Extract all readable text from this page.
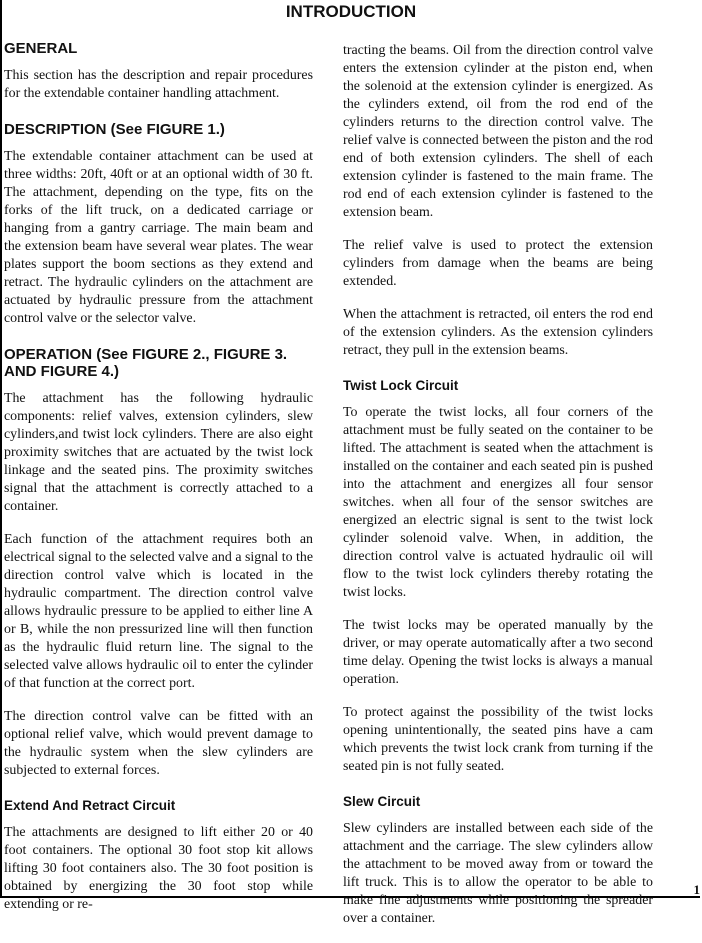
INTRODUCTION
GENERAL

This section has the description and repair procedures for the extendable container handling attachment.

DESCRIPTION (See FIGURE 1.)

The extendable container attachment can be used at three widths: 20ft, 40ft or at an optional width of 30 ft. The attachment, depending on the type, fits on the forks of the lift truck, on a dedicated carriage or hanging from a gantry carriage. The main beam and the extension beam have several wear plates. The wear plates support the boom sections as they extend and retract. The hydraulic cylinders on the attachment are actuated by hydraulic pressure from the attachment control valve or the selector valve.

OPERATION (See FIGURE 2., FIGURE 3. AND FIGURE 4.)

The attachment has the following hydraulic components: relief valves, extension cylinders, slew cylinders,and twist lock cylinders. There are also eight proximity switches that are actuated by the twist lock linkage and the seated pins. The proximity switches signal that the attachment is correctly attached to a container.

Each function of the attachment requires both an electrical signal to the selected valve and a signal to the direction control valve which is located in the hydraulic compartment. The direction control valve allows hydraulic pressure to be applied to either line A or B, while the non pressurized line will then function as the hydraulic fluid return line. The signal to the selected valve allows hydraulic oil to enter the cylinder of that function at the correct port.

The direction control valve can be fitted with an optional relief valve, which would prevent damage to the hydraulic system when the slew cylinders are subjected to external forces.

Extend And Retract Circuit

The attachments are designed to lift either 20 or 40 foot containers. The optional 30 foot stop kit allows lifting 30 foot containers also. The 30 foot position is obtained by energizing the 30 foot stop while extending or re-

tracting the beams. Oil from the direction control valve enters the extension cylinder at the piston end, when the solenoid at the extension cylinder is energized. As the cylinders extend, oil from the rod end of the cylinders returns to the direction control valve. The relief valve is connected between the piston and the rod end of both extension cylinders. The shell of each extension cylinder is fastened to the main frame. The rod end of each extension cylinder is fastened to the extension beam.

The relief valve is used to protect the extension cylinders from damage when the beams are being extended.

When the attachment is retracted, oil enters the rod end of the extension cylinders. As the extension cylinders retract, they pull in the extension beams.

Twist Lock Circuit

To operate the twist locks, all four corners of the attachment must be fully seated on the container to be lifted. The attachment is seated when the attachment is installed on the container and each seated pin is pushed into the attachment and energizes all four sensor switches. when all four of the sensor switches are energized an electric signal is sent to the twist lock cylinder solenoid valve. When, in addition, the direction control valve is actuated hydraulic oil will flow to the twist lock cylinders thereby rotating the twist locks.

The twist locks may be operated manually by the driver, or may operate automatically after a two second time delay. Opening the twist locks is always a manual operation.

To protect against the possibility of the twist locks opening unintentionally, the seated pins have a cam which prevents the twist lock crank from turning if the seated pin is not fully seated.

Slew Circuit

Slew cylinders are installed between each side of the attachment and the carriage. The slew cylinders allow the attachment to be moved away from or toward the lift truck. This is to allow the operator to be able to make fine adjustments while positioning the spreader over a container.

1
